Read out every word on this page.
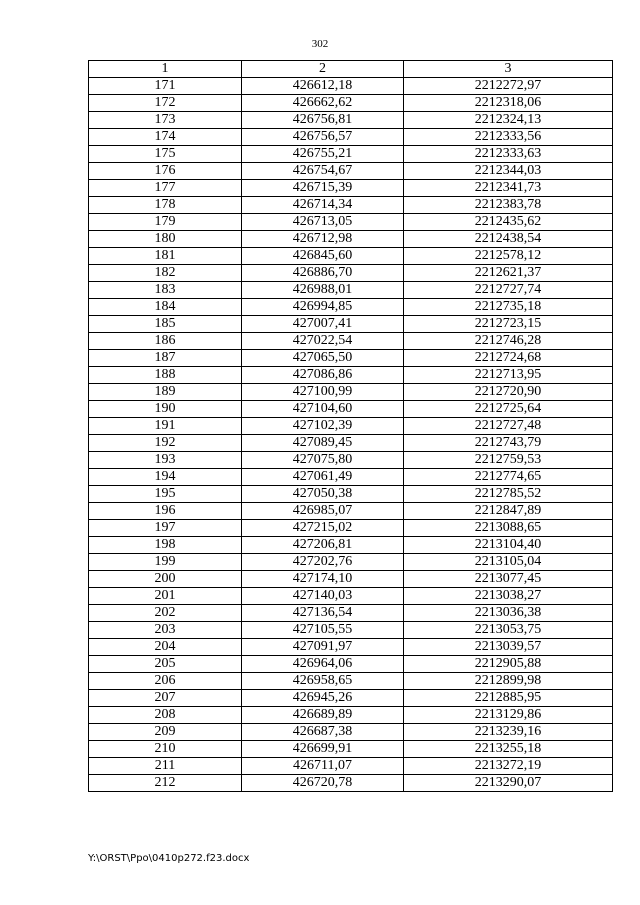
302
1	2	3
171	426612,18	2212272,97
172	426662,62	2212318,06
173	426756,81	2212324,13
174	426756,57	2212333,56
175	426755,21	2212333,63
176	426754,67	2212344,03
177	426715,39	2212341,73
178	426714,34	2212383,78
179	426713,05	2212435,62
180	426712,98	2212438,54
181	426845,60	2212578,12
182	426886,70	2212621,37
183	426988,01	2212727,74
184	426994,85	2212735,18
185	427007,41	2212723,15
186	427022,54	2212746,28
187	427065,50	2212724,68
188	427086,86	2212713,95
189	427100,99	2212720,90
190	427104,60	2212725,64
191	427102,39	2212727,48
192	427089,45	2212743,79
193	427075,80	2212759,53
194	427061,49	2212774,65
195	427050,38	2212785,52
196	426985,07	2212847,89
197	427215,02	2213088,65
198	427206,81	2213104,40
199	427202,76	2213105,04
200	427174,10	2213077,45
201	427140,03	2213038,27
202	427136,54	2213036,38
203	427105,55	2213053,75
204	427091,97	2213039,57
205	426964,06	2212905,88
206	426958,65	2212899,98
207	426945,26	2212885,95
208	426689,89	2213129,86
209	426687,38	2213239,16
210	426699,91	2213255,18
211	426711,07	2213272,19
212	426720,78	2213290,07
Y:\ORST\Ppo\0410p272.f23.docx
